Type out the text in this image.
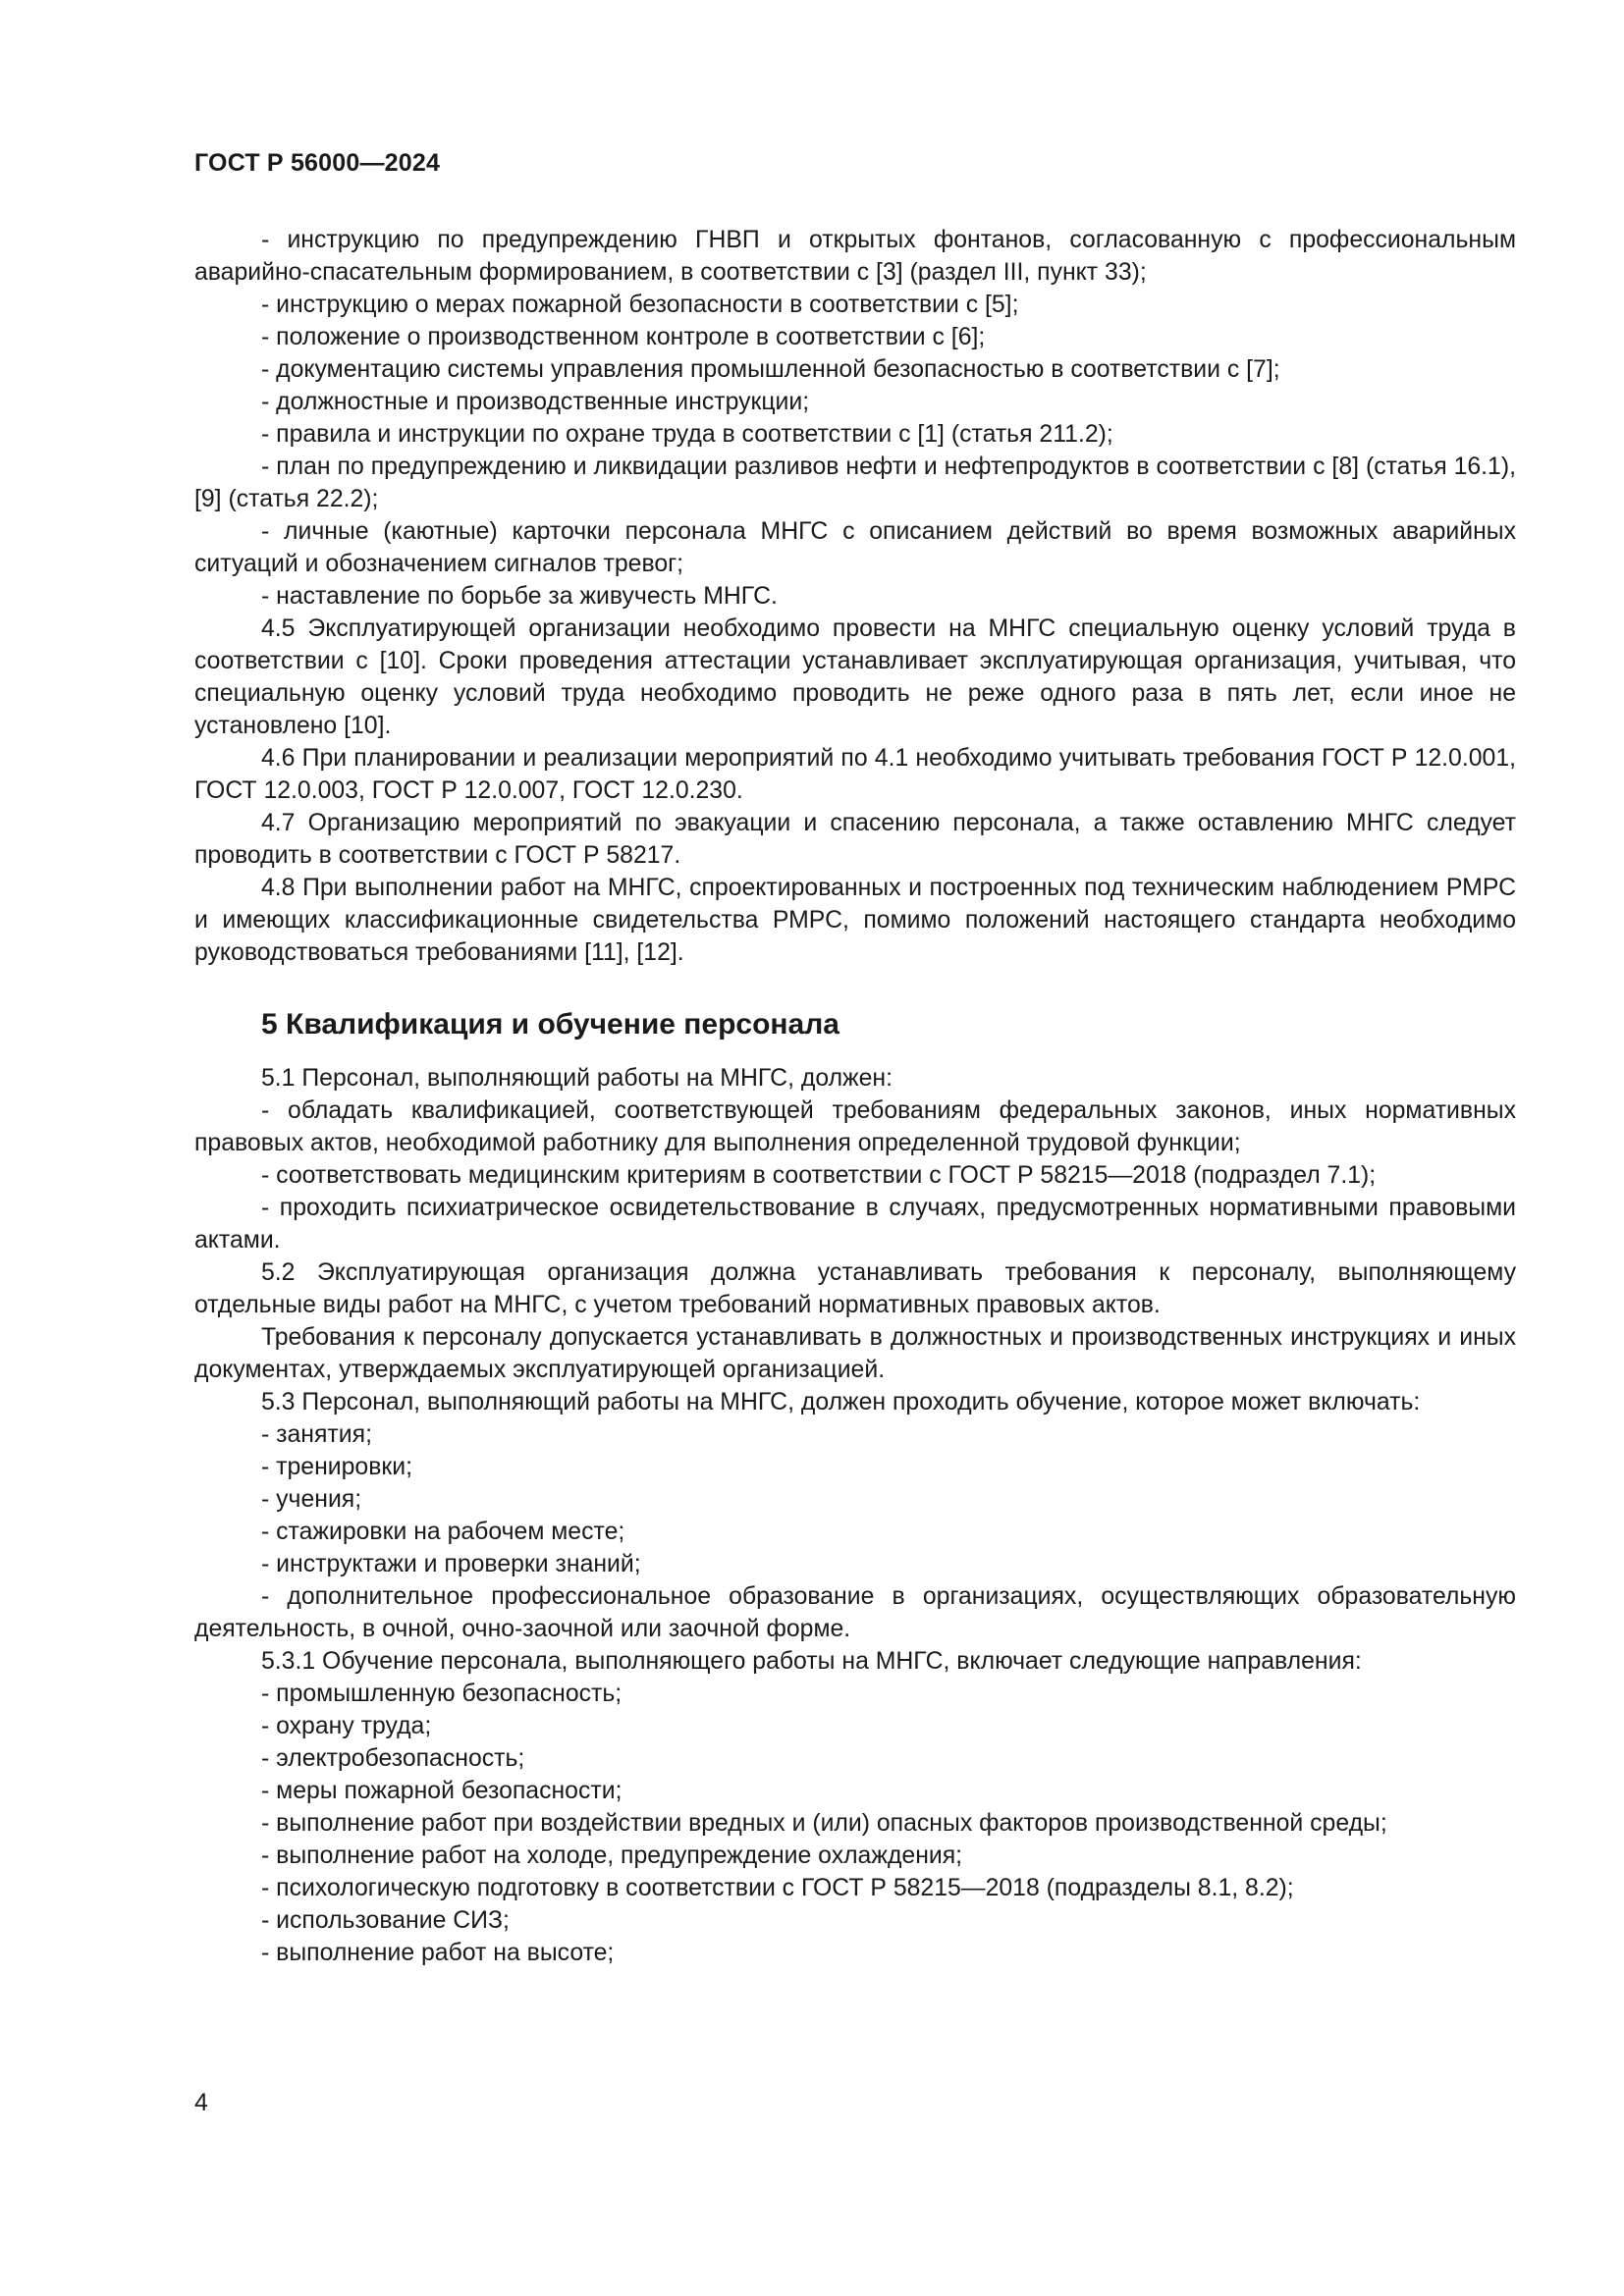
ГОСТ Р 56000—2024

- инструкцию по предупреждению ГНВП и открытых фонтанов, согласованную с профессиональным аварийно-спасательным формированием, в соответствии с [3] (раздел III, пункт 33);

- инструкцию о мерах пожарной безопасности в соответствии с [5];

- положение о производственном контроле в соответствии с [6];

- документацию системы управления промышленной безопасностью в соответствии с [7];

- должностные и производственные инструкции;

- правила и инструкции по охране труда в соответствии с [1] (статья 211.2);

- план по предупреждению и ликвидации разливов нефти и нефтепродуктов в соответствии с [8] (статья 16.1), [9] (статья 22.2);

- личные (каютные) карточки персонала МНГС с описанием действий во время возможных аварийных ситуаций и обозначением сигналов тревог;

- наставление по борьбе за живучесть МНГС.

4.5 Эксплуатирующей организации необходимо провести на МНГС специальную оценку условий труда в соответствии с [10]. Сроки проведения аттестации устанавливает эксплуатирующая организация, учитывая, что специальную оценку условий труда необходимо проводить не реже одного раза в пять лет, если иное не установлено [10].

4.6 При планировании и реализации мероприятий по 4.1 необходимо учитывать требования ГОСТ Р 12.0.001, ГОСТ 12.0.003, ГОСТ Р 12.0.007, ГОСТ 12.0.230.

4.7 Организацию мероприятий по эвакуации и спасению персонала, а также оставлению МНГС следует проводить в соответствии с ГОСТ Р 58217.

4.8 При выполнении работ на МНГС, спроектированных и построенных под техническим наблюдением РМРС и имеющих классификационные свидетельства РМРС, помимо положений настоящего стандарта необходимо руководствоваться требованиями [11], [12].

5 Квалификация и обучение персонала

5.1 Персонал, выполняющий работы на МНГС, должен:

- обладать квалификацией, соответствующей требованиям федеральных законов, иных нормативных правовых актов, необходимой работнику для выполнения определенной трудовой функции;

- соответствовать медицинским критериям в соответствии с ГОСТ Р 58215—2018 (подраздел 7.1);

- проходить психиатрическое освидетельствование в случаях, предусмотренных нормативными правовыми актами.

5.2 Эксплуатирующая организация должна устанавливать требования к персоналу, выполняющему отдельные виды работ на МНГС, с учетом требований нормативных правовых актов.

Требования к персоналу допускается устанавливать в должностных и производственных инструкциях и иных документах, утверждаемых эксплуатирующей организацией.

5.3 Персонал, выполняющий работы на МНГС, должен проходить обучение, которое может включать:

- занятия;

- тренировки;

- учения;

- стажировки на рабочем месте;

- инструктажи и проверки знаний;

- дополнительное профессиональное образование в организациях, осуществляющих образовательную деятельность, в очной, очно-заочной или заочной форме.

5.3.1 Обучение персонала, выполняющего работы на МНГС, включает следующие направления:

- промышленную безопасность;

- охрану труда;

- электробезопасность;

- меры пожарной безопасности;

- выполнение работ при воздействии вредных и (или) опасных факторов производственной среды;

- выполнение работ на холоде, предупреждение охлаждения;

- психологическую подготовку в соответствии с ГОСТ Р 58215—2018 (подразделы 8.1, 8.2);

- использование СИЗ;

- выполнение работ на высоте;

4
